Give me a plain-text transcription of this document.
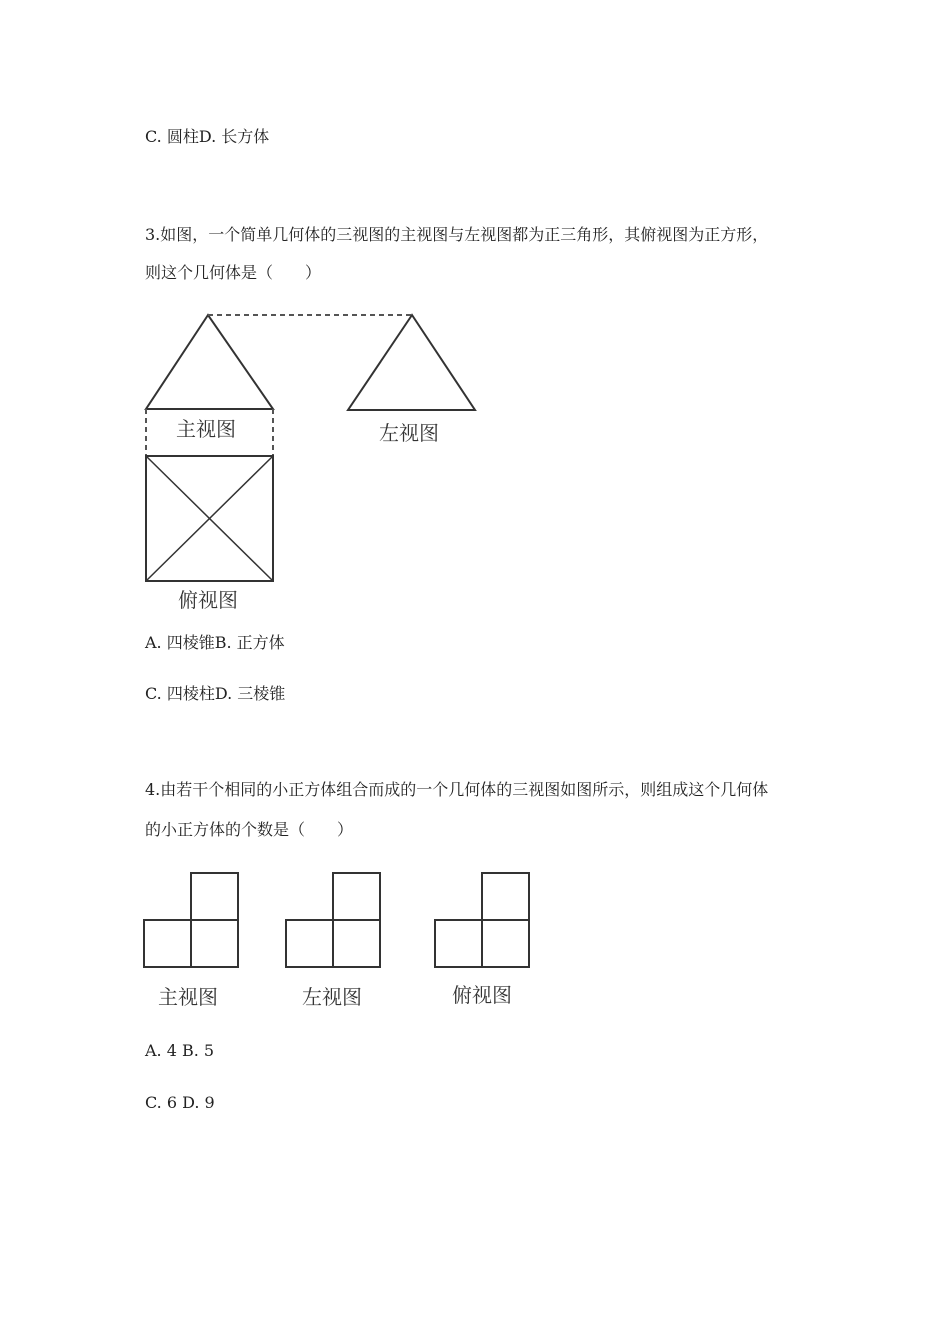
C. 圆柱D. 长方体
3.如图，一个简单几何体的三视图的主视图与左视图都为正三角形，其俯视图为正方形，
则这个几何体是（　　）
主视图	左视图
俯视图
A. 四棱锥B. 正方体
C. 四棱柱D. 三棱锥
4.由若干个相同的小正方体组合而成的一个几何体的三视图如图所示，则组成这个几何体
的小正方体的个数是（　　）
主视图	左视图	俯视图
A. 4 B. 5
C. 6 D. 9
